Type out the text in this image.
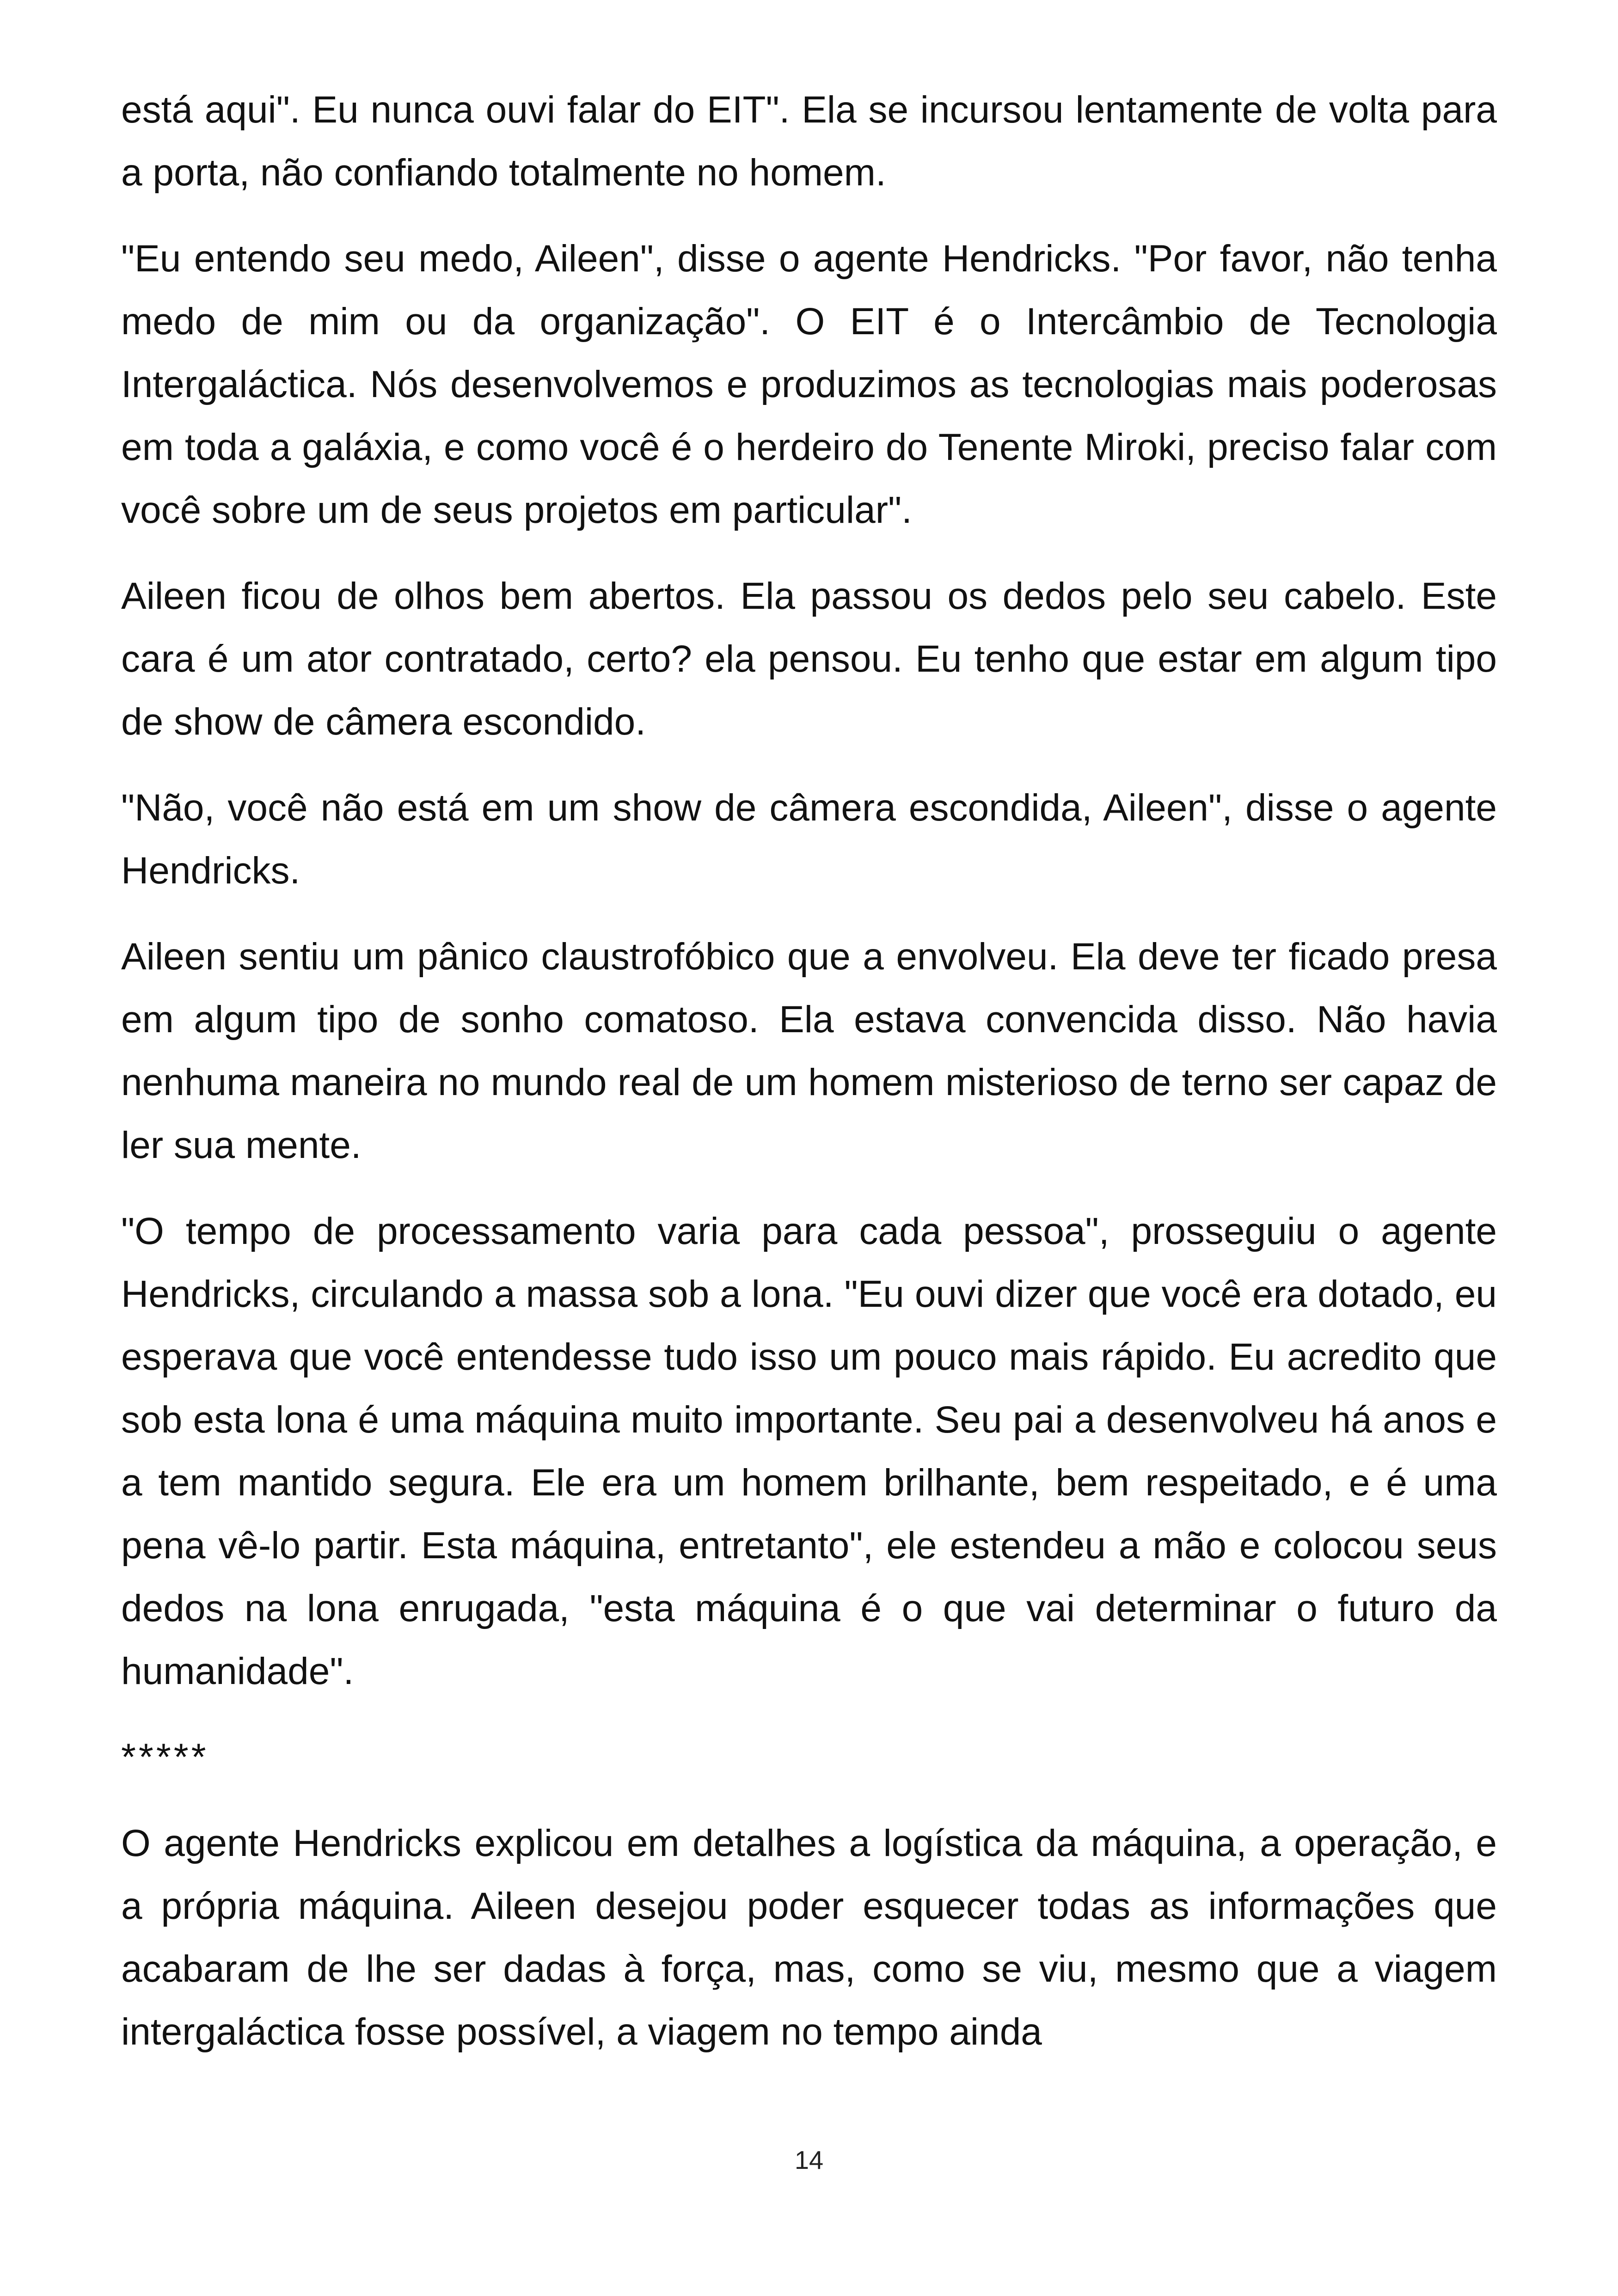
está aqui". Eu nunca ouvi falar do EIT". Ela se incursou lentamente de volta para a porta, não confiando totalmente no homem.

"Eu entendo seu medo, Aileen", disse o agente Hendricks. "Por favor, não tenha medo de mim ou da organização". O EIT é o Intercâmbio de Tecnologia Intergaláctica. Nós desenvolvemos e produzimos as tecnologias mais poderosas em toda a galáxia, e como você é o herdeiro do Tenente Miroki, preciso falar com você sobre um de seus projetos em particular".

Aileen ficou de olhos bem abertos. Ela passou os dedos pelo seu cabelo. Este cara é um ator contratado, certo? ela pensou. Eu tenho que estar em algum tipo de show de câmera escondido.

"Não, você não está em um show de câmera escondida, Aileen", disse o agente Hendricks.

Aileen sentiu um pânico claustrofóbico que a envolveu. Ela deve ter ficado presa em algum tipo de sonho comatoso. Ela estava convencida disso. Não havia nenhuma maneira no mundo real de um homem misterioso de terno ser capaz de ler sua mente.

"O tempo de processamento varia para cada pessoa", prosseguiu o agente Hendricks, circulando a massa sob a lona. "Eu ouvi dizer que você era dotado, eu esperava que você entendesse tudo isso um pouco mais rápido. Eu acredito que sob esta lona é uma máquina muito importante. Seu pai a desenvolveu há anos e a tem mantido segura. Ele era um homem brilhante, bem respeitado, e é uma pena vê-lo partir. Esta máquina, entretanto", ele estendeu a mão e colocou seus dedos na lona enrugada, "esta máquina é o que vai determinar o futuro da humanidade".

*****

O agente Hendricks explicou em detalhes a logística da máquina, a operação, e a própria máquina. Aileen desejou poder esquecer todas as informações que acabaram de lhe ser dadas à força, mas, como se viu, mesmo que a viagem intergaláctica fosse possível, a viagem no tempo ainda

14
